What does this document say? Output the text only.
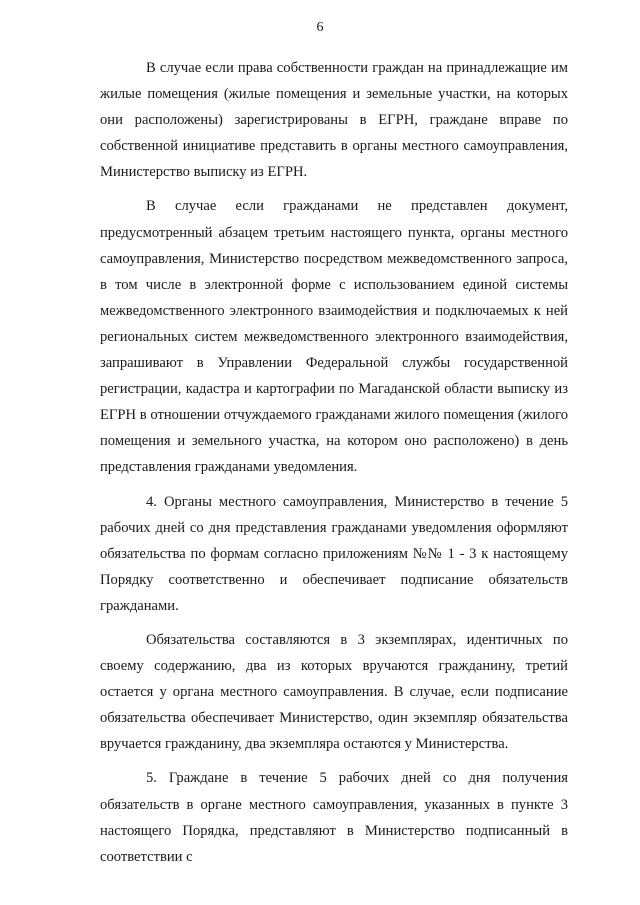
6

В случае если права собственности граждан на принадлежащие им жилые помещения (жилые помещения и земельные участки, на которых они расположены) зарегистрированы в ЕГРН, граждане вправе по собственной инициативе представить в органы местного самоуправления, Министерство выписку из ЕГРН.

В случае если гражданами не представлен документ, предусмотренный абзацем третьим настоящего пункта, органы местного самоуправления, Министерство посредством межведомственного запроса, в том числе в электронной форме с использованием единой системы межведомственного электронного взаимодействия и подключаемых к ней региональных систем межведомственного электронного взаимодействия, запрашивают в Управлении Федеральной службы государственной регистрации, кадастра и картографии по Магаданской области выписку из ЕГРН в отношении отчуждаемого гражданами жилого помещения (жилого помещения и земельного участка, на котором оно расположено) в день представления гражданами уведомления.

4. Органы местного самоуправления, Министерство в течение 5 рабочих дней со дня представления гражданами уведомления оформляют обязательства по формам согласно приложениям №№ 1 - 3 к настоящему Порядку соответственно и обеспечивает подписание обязательств гражданами.

Обязательства составляются в 3 экземплярах, идентичных по своему содержанию, два из которых вручаются гражданину, третий остается у органа местного самоуправления. В случае, если подписание обязательства обеспечивает Министерство, один экземпляр обязательства вручается гражданину, два экземпляра остаются у Министерства.

5. Граждане в течение 5 рабочих дней со дня получения обязательств в органе местного самоуправления, указанных в пункте 3 настоящего Порядка, представляют в Министерство подписанный в соответствии с
